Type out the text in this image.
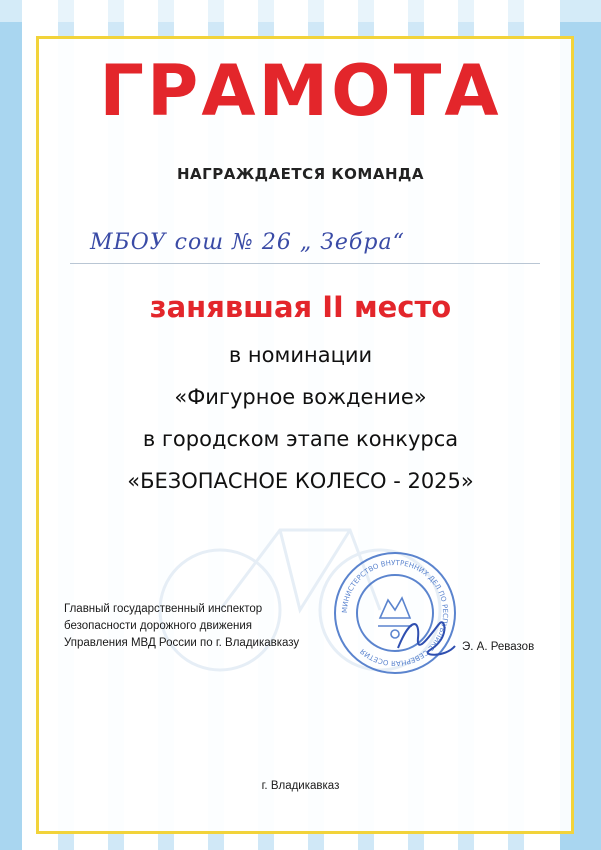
ГРАМОТА
НАГРАЖДАЕТСЯ КОМАНДА
МБОУ сош № 26 „ Зебра“
занявшая II место
в номинации
«Фигурное вождение»
в городском этапе конкурса
«БЕЗОПАСНОЕ КОЛЕСО - 2025»
Главный государственный инспектор
безопасности дорожного движения
Управления МВД России по г. Владикавказу
МИНИСТЕРСТВО ВНУТРЕННИХ ДЕЛ ПО РЕСПУБЛИКЕ СЕВЕРНАЯ ОСЕТИЯ	Э. А. Ревазов
г. Владикавказ
